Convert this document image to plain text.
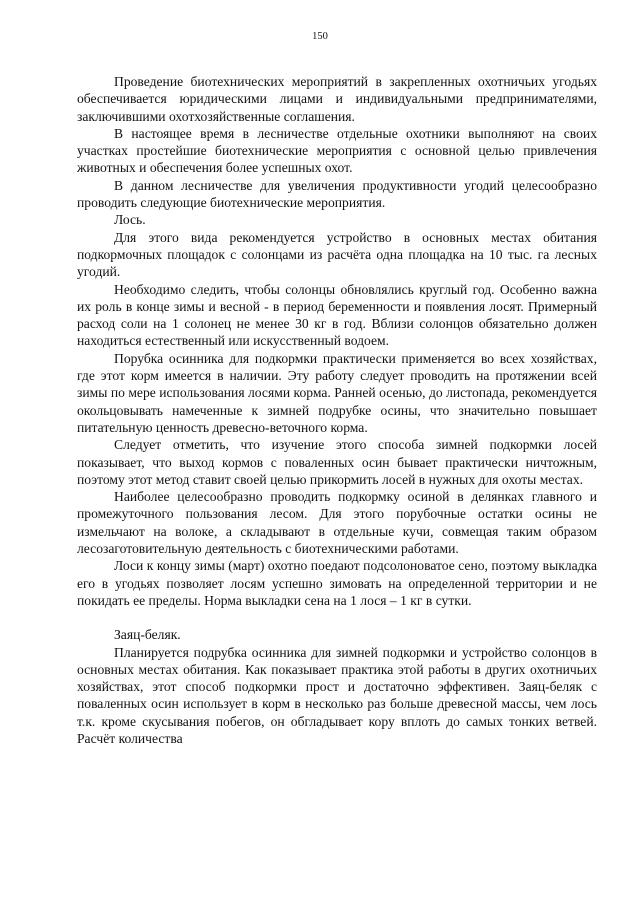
150

Проведение биотехнических мероприятий в закрепленных охотничьих угодьях обеспечивается юридическими лицами и индивидуальными предпринимателями, заключившими охотхозяйственные соглашения.

В настоящее время в лесничестве отдельные охотники выполняют на своих участках простейшие биотехнические мероприятия с основной целью привлечения животных и обеспечения более успешных охот.

В данном лесничестве для увеличения продуктивности угодий целесообразно проводить следующие биотехнические мероприятия.

Лось.

Для этого вида рекомендуется устройство в основных местах обитания подкормочных площадок с солонцами из расчёта одна площадка на 10 тыс. га лесных угодий.

Необходимо следить, чтобы солонцы обновлялись круглый год. Особенно важна их роль в конце зимы и весной - в период беременности и появления лосят. Примерный расход соли на 1 солонец не менее 30 кг в год. Вблизи солонцов обязательно должен находиться естественный или искусственный водоем.

Порубка осинника для подкормки практически применяется во всех хозяйствах, где этот корм имеется в наличии. Эту работу следует проводить на протяжении всей зимы по мере использования лосями корма. Ранней осенью, до листопада, рекомендуется окольцовывать намеченные к зимней подрубке осины, что значительно повышает питательную ценность древесно-веточного корма.

Следует отметить, что изучение этого способа зимней подкормки лосей показывает, что выход кормов с поваленных осин бывает практически ничтожным, поэтому этот метод ставит своей целью прикормить лосей в нужных для охоты местах.

Наиболее целесообразно проводить подкормку осиной в делянках главного и промежуточного пользования лесом. Для этого порубочные остатки осины не измельчают на волоке, а складывают в отдельные кучи, совмещая таким образом лесозаготовительную деятельность с биотехническими работами.

Лоси к концу зимы (март) охотно поедают подсолоноватое сено, поэтому выкладка его в угодьях позволяет лосям успешно зимовать на определенной территории и не покидать ее пределы. Норма выкладки сена на 1 лося – 1 кг в сутки.

Заяц-беляк.

Планируется подрубка осинника для зимней подкормки и устройство солонцов в основных местах обитания. Как показывает практика этой работы в других охотничьих хозяйствах, этот способ подкормки прост и достаточно эффективен. Заяц-беляк с поваленных осин использует в корм в несколько раз больше древесной массы, чем лось т.к. кроме скусывания побегов, он обгладывает кору вплоть до самых тонких ветвей. Расчёт количества
